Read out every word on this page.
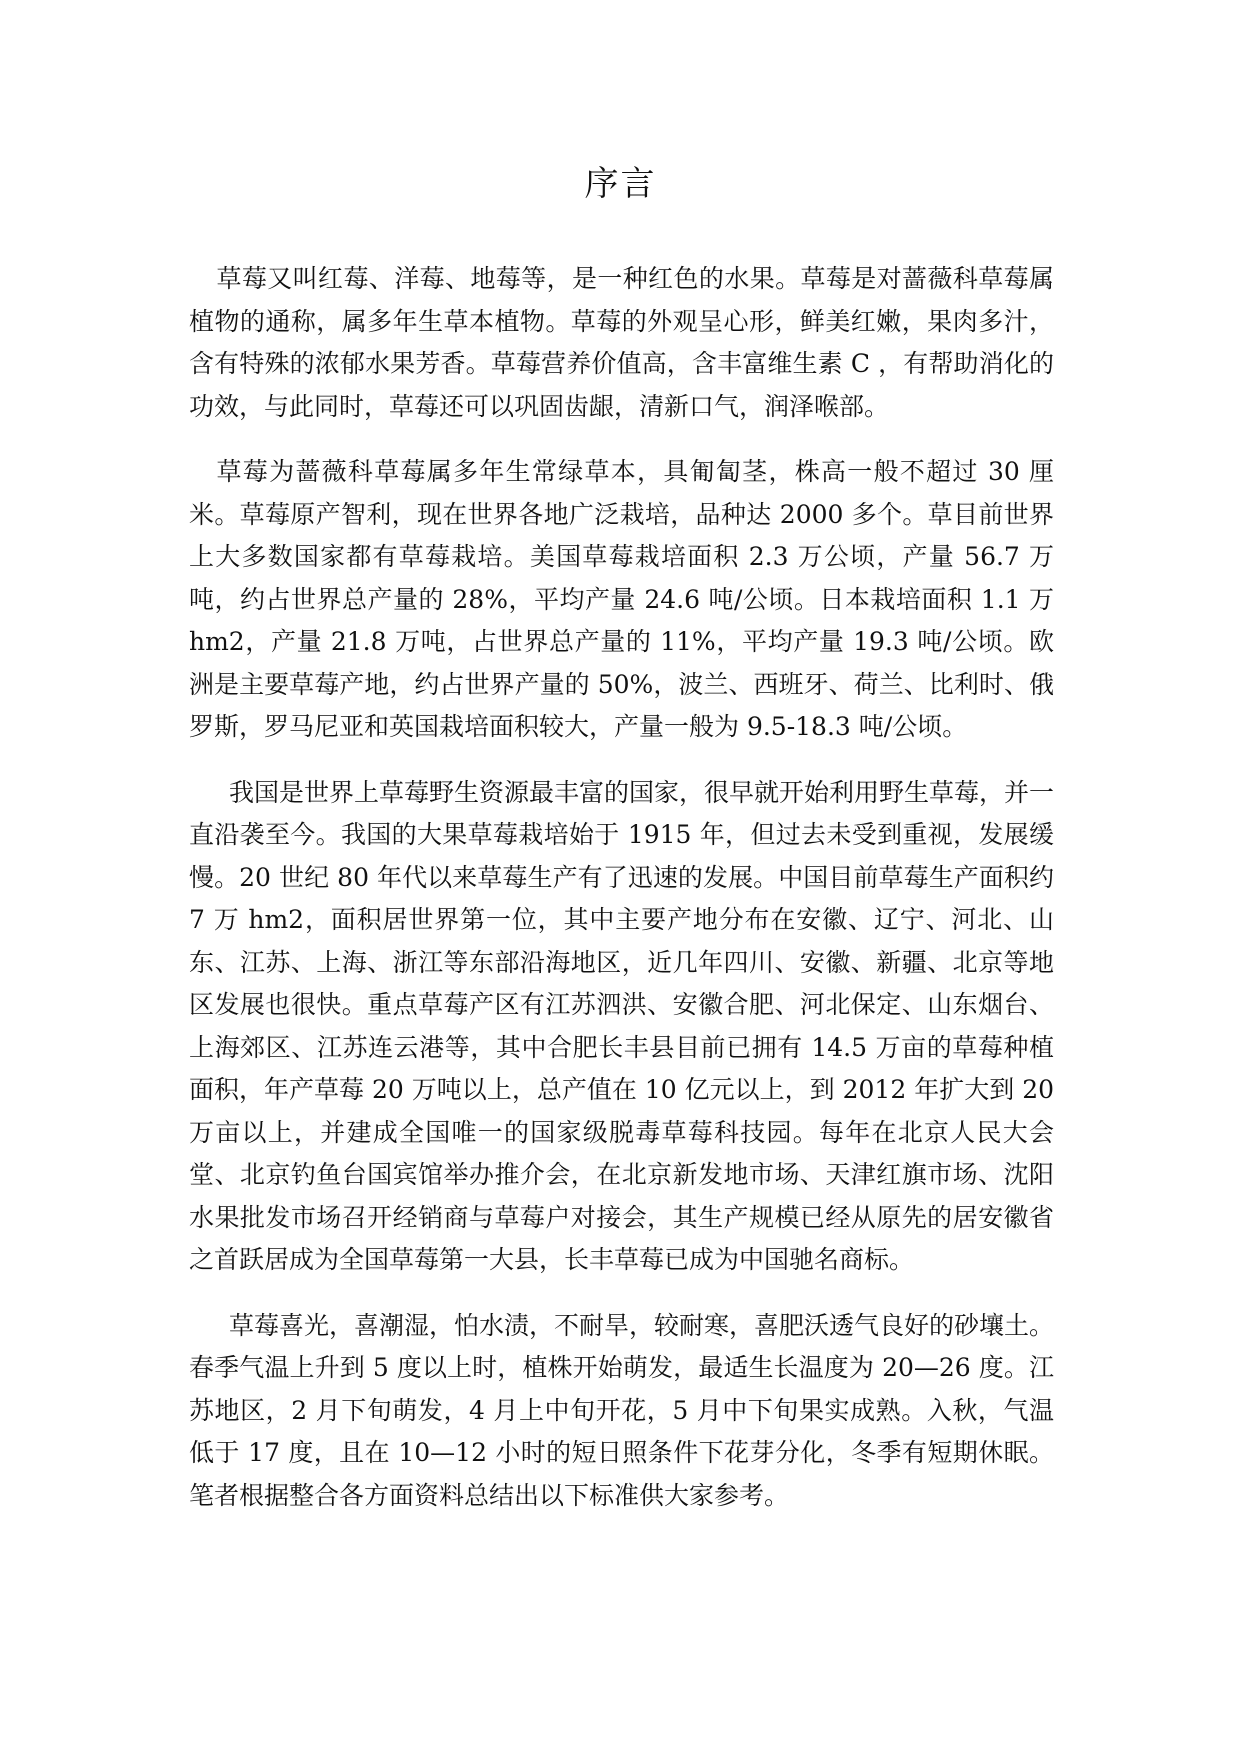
序言

草莓又叫红莓、洋莓、地莓等，是一种红色的水果。草莓是对蔷薇科草莓属植物的通称，属多年生草本植物。草莓的外观呈心形，鲜美红嫩，果肉多汁，含有特殊的浓郁水果芳香。草莓营养价值高，含丰富维生素 C ，有帮助消化的功效，与此同时，草莓还可以巩固齿龈，清新口气，润泽喉部。

草莓为蔷薇科草莓属多年生常绿草本，具匍匐茎，株高一般不超过 30 厘米。草莓原产智利，现在世界各地广泛栽培，品种达 2000 多个。草目前世界上大多数国家都有草莓栽培。美国草莓栽培面积 2.3 万公顷，产量 56.7 万吨，约占世界总产量的 28%，平均产量 24.6 吨/公顷。日本栽培面积 1.1 万 hm2，产量 21.8 万吨，占世界总产量的 11%，平均产量 19.3 吨/公顷。欧洲是主要草莓产地，约占世界产量的 50%，波兰、西班牙、荷兰、比利时、俄罗斯，罗马尼亚和英国栽培面积较大，产量一般为 9.5-18.3 吨/公顷。

我国是世界上草莓野生资源最丰富的国家，很早就开始利用野生草莓，并一直沿袭至今。我国的大果草莓栽培始于 1915 年，但过去未受到重视，发展缓慢。20 世纪 80 年代以来草莓生产有了迅速的发展。中国目前草莓生产面积约 7 万 hm2，面积居世界第一位，其中主要产地分布在安徽、辽宁、河北、山东、江苏、上海、浙江等东部沿海地区，近几年四川、安徽、新疆、北京等地区发展也很快。重点草莓产区有江苏泗洪、安徽合肥、河北保定、山东烟台、上海郊区、江苏连云港等，其中合肥长丰县目前已拥有 14.5 万亩的草莓种植面积，年产草莓 20 万吨以上，总产值在 10 亿元以上，到 2012 年扩大到 20 万亩以上，并建成全国唯一的国家级脱毒草莓科技园。每年在北京人民大会堂、北京钓鱼台国宾馆举办推介会，在北京新发地市场、天津红旗市场、沈阳水果批发市场召开经销商与草莓户对接会，其生产规模已经从原先的居安徽省之首跃居成为全国草莓第一大县，长丰草莓已成为中国驰名商标。

草莓喜光，喜潮湿，怕水渍，不耐旱，较耐寒，喜肥沃透气良好的砂壤土。春季气温上升到 5 度以上时，植株开始萌发，最适生长温度为 20—26 度。江苏地区，2 月下旬萌发，4 月上中旬开花，5 月中下旬果实成熟。入秋，气温低于 17 度，且在 10—12 小时的短日照条件下花芽分化，冬季有短期休眠。笔者根据整合各方面资料总结出以下标准供大家参考。
